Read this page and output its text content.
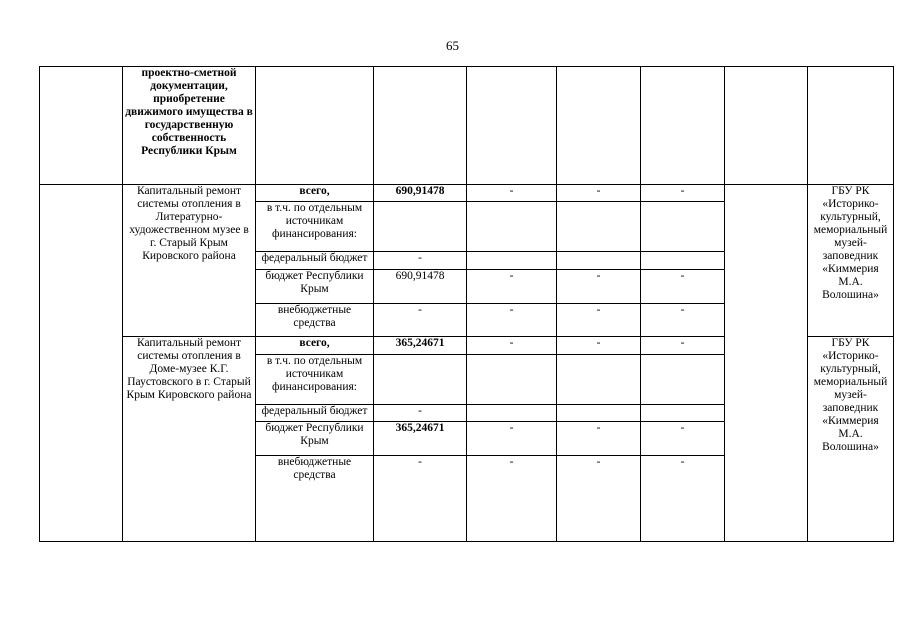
65
	проектно-сметной документации, приобретение движимого имущества в государственную собственность Республики Крым							
	Капитальный ремонт системы отопления в Литературно-художественном музее в г. Старый Крым Кировского района	всего,	690,91478	-	-	-		ГБУ РК «Историко-культурный, мемориальный музей-заповедник «Киммерия М.А. Волошина»
		в т.ч. по отдельным источникам финансирования:						
		федеральный бюджет	-					
		бюджет Республики Крым	690,91478	-	-	-		
		внебюджетные средства	-	-	-	-		
	Капитальный ремонт системы отопления в Доме-музее К.Г. Паустовского в г. Старый Крым Кировского района	всего,	365,24671	-	-	-		ГБУ РК «Историко-культурный, мемориальный музей-заповедник «Киммерия М.А. Волошина»
		в т.ч. по отдельным источникам финансирования:						
		федеральный бюджет	-					
		бюджет Республики Крым	365,24671	-	-	-		
		внебюджетные средства	-	-	-	-		
